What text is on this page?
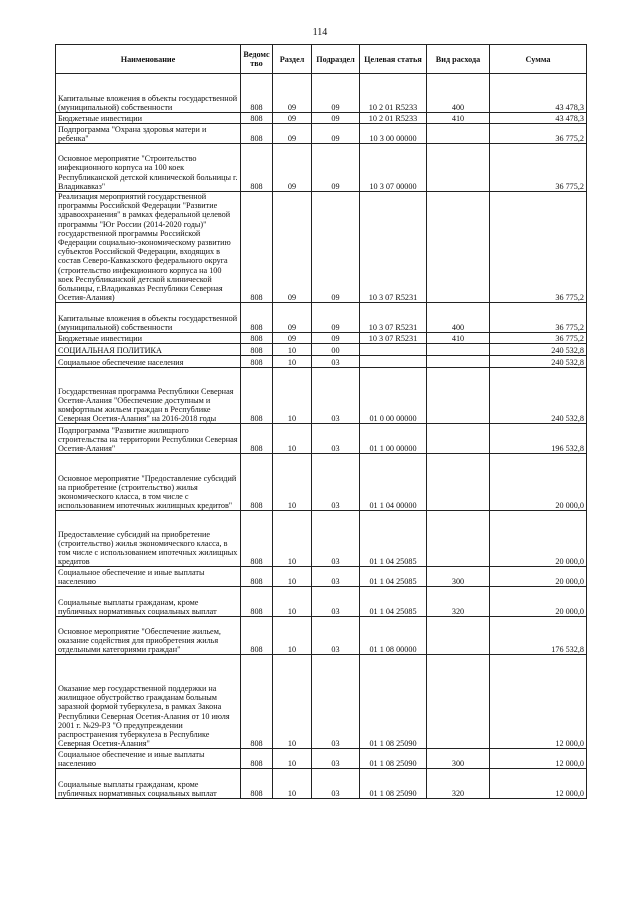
114
Наименование	Ведомс тво	Раздел	Подраздел	Целевая статья	Вид расхода	Сумма
Капитальные вложения в объекты государственной (муниципальной) собственности	808	09	09	10 2 01 R5233	400	43 478,3
Бюджетные инвестиции	808	09	09	10 2 01 R5233	410	43 478,3
Подпрограмма "Охрана здоровья матери и ребенка"	808	09	09	10 3 00 00000		36 775,2
Основное мероприятие "Строительство инфекционного корпуса на 100 коек Республиканской детской клинической больницы г. Владикавказ"	808	09	09	10 3 07 00000		36 775,2
Реализация мероприятий государственной программы Российской Федерации "Развитие здравоохранения" в рамках федеральной целевой программы "Юг России (2014-2020 годы)" государственной программы Российской Федерации социально-экономическому развитию субъектов Российской Федерации, входящих в состав Северо-Кавказского федерального округа (строительство инфекционного корпуса на 100 коек Республиканской детской клинической больницы, г.Владикавказ Республики Северная Осетия-Алания)	808	09	09	10 3 07 R5231		36 775,2
Капитальные вложения в объекты государственной (муниципальной) собственности	808	09	09	10 3 07 R5231	400	36 775,2
Бюджетные инвестиции	808	09	09	10 3 07 R5231	410	36 775,2
СОЦИАЛЬНАЯ ПОЛИТИКА	808	10	00			240 532,8
Социальное обеспечение населения	808	10	03			240 532,8
Государственная программа Республики Северная Осетия-Алания "Обеспечение доступным и комфортным жильем граждан в Республике Северная Осетия-Алания" на 2016-2018 годы	808	10	03	01 0 00 00000		240 532,8
Подпрограмма "Развитие жилищного строительства на территории Республики Северная Осетия-Алания"	808	10	03	01 1 00 00000		196 532,8
Основное мероприятие "Предоставление субсидий на приобретение (строительство) жилья экономического класса, в том числе с использованием ипотечных жилищных кредитов"	808	10	03	01 1 04 00000		20 000,0
Предоставление субсидий на приобретение (строительство) жилья экономического класса, в том числе с использованием ипотечных жилищных кредитов	808	10	03	01 1 04 25085		20 000,0
Социальное обеспечение и иные выплаты населению	808	10	03	01 1 04 25085	300	20 000,0
Социальные выплаты гражданам, кроме публичных нормативных социальных выплат	808	10	03	01 1 04 25085	320	20 000,0
Основное мероприятие "Обеспечение жильем, оказание содействия для приобретения жилья отдельными категориями граждан"	808	10	03	01 1 08 00000		176 532,8
Оказание мер государственной поддержки на жилищное обустройство гражданам больным заразной формой туберкулеза, в рамках Закона Республики Северная Осетия-Алания от 10 июля 2001 г. №29-РЗ "О предупреждении распространения туберкулеза в Республике Северная Осетия-Алания"	808	10	03	01 1 08 25090		12 000,0
Социальное обеспечение и иные выплаты населению	808	10	03	01 1 08 25090	300	12 000,0
Социальные выплаты гражданам, кроме публичных нормативных социальных выплат	808	10	03	01 1 08 25090	320	12 000,0
